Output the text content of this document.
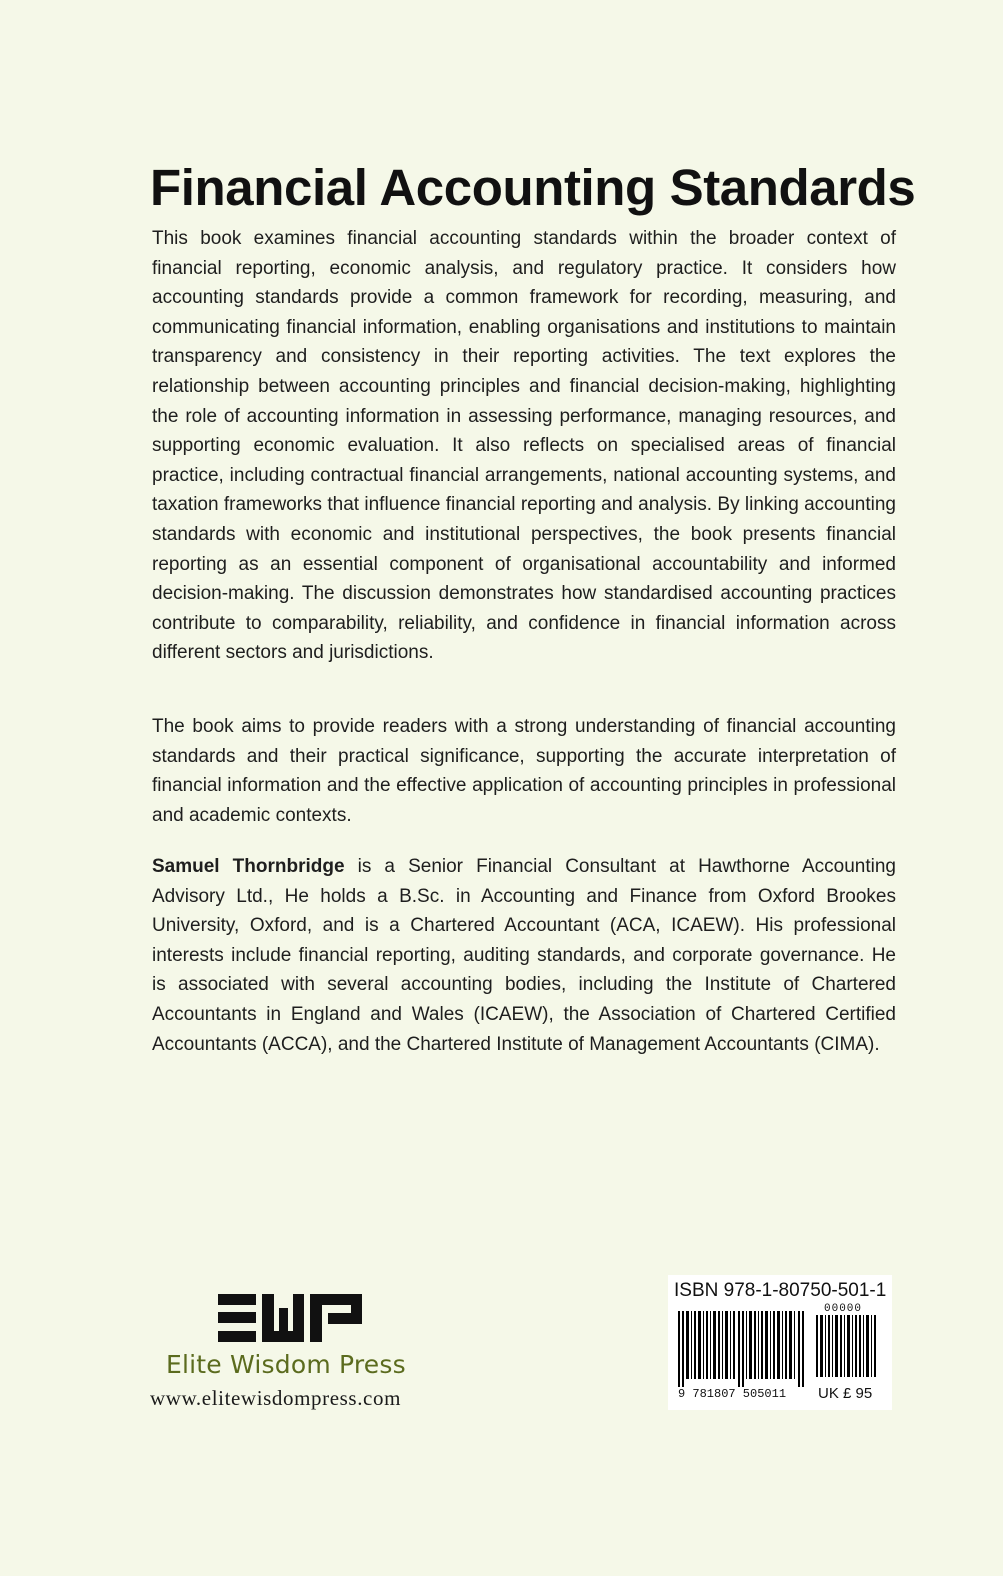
Financial Accounting Standards

This book examines financial accounting standards within the broader context of financial reporting, economic analysis, and regulatory practice. It considers how accounting standards provide a common framework for recording, measuring, and communicating financial information, enabling organisations and institutions to maintain transparency and consistency in their reporting activities. The text explores the relationship between accounting principles and financial decision-making, highlighting the role of accounting information in assessing performance, managing resources, and supporting economic evaluation. It also reflects on specialised areas of financial practice, including contractual financial arrangements, national accounting systems, and taxation frameworks that influence financial reporting and analysis. By linking accounting standards with economic and institutional perspectives, the book presents financial reporting as an essential component of organisational accountability and informed decision-making. The discussion demonstrates how standardised accounting practices contribute to comparability, reliability, and confidence in financial information across different sectors and jurisdictions.

The book aims to provide readers with a strong understanding of financial accounting standards and their practical significance, supporting the accurate interpretation of financial information and the effective application of accounting principles in professional and academic contexts.

Samuel Thornbridge is a Senior Financial Consultant at Hawthorne Accounting Advisory Ltd., He holds a B.Sc. in Accounting and Finance from Oxford Brookes University, Oxford, and is a Chartered Accountant (ACA, ICAEW). His professional interests include financial reporting, auditing standards, and corporate governance. He is associated with several accounting bodies, including the Institute of Chartered Accountants in England and Wales (ICAEW), the Association of Chartered Certified Accountants (ACCA), and the Chartered Institute of Management Accountants (CIMA).

Elite Wisdom Press
www.elitewisdompress.com
ISBN 978-1-80750-501-1
00000
9 781807 505011 UK £ 95
